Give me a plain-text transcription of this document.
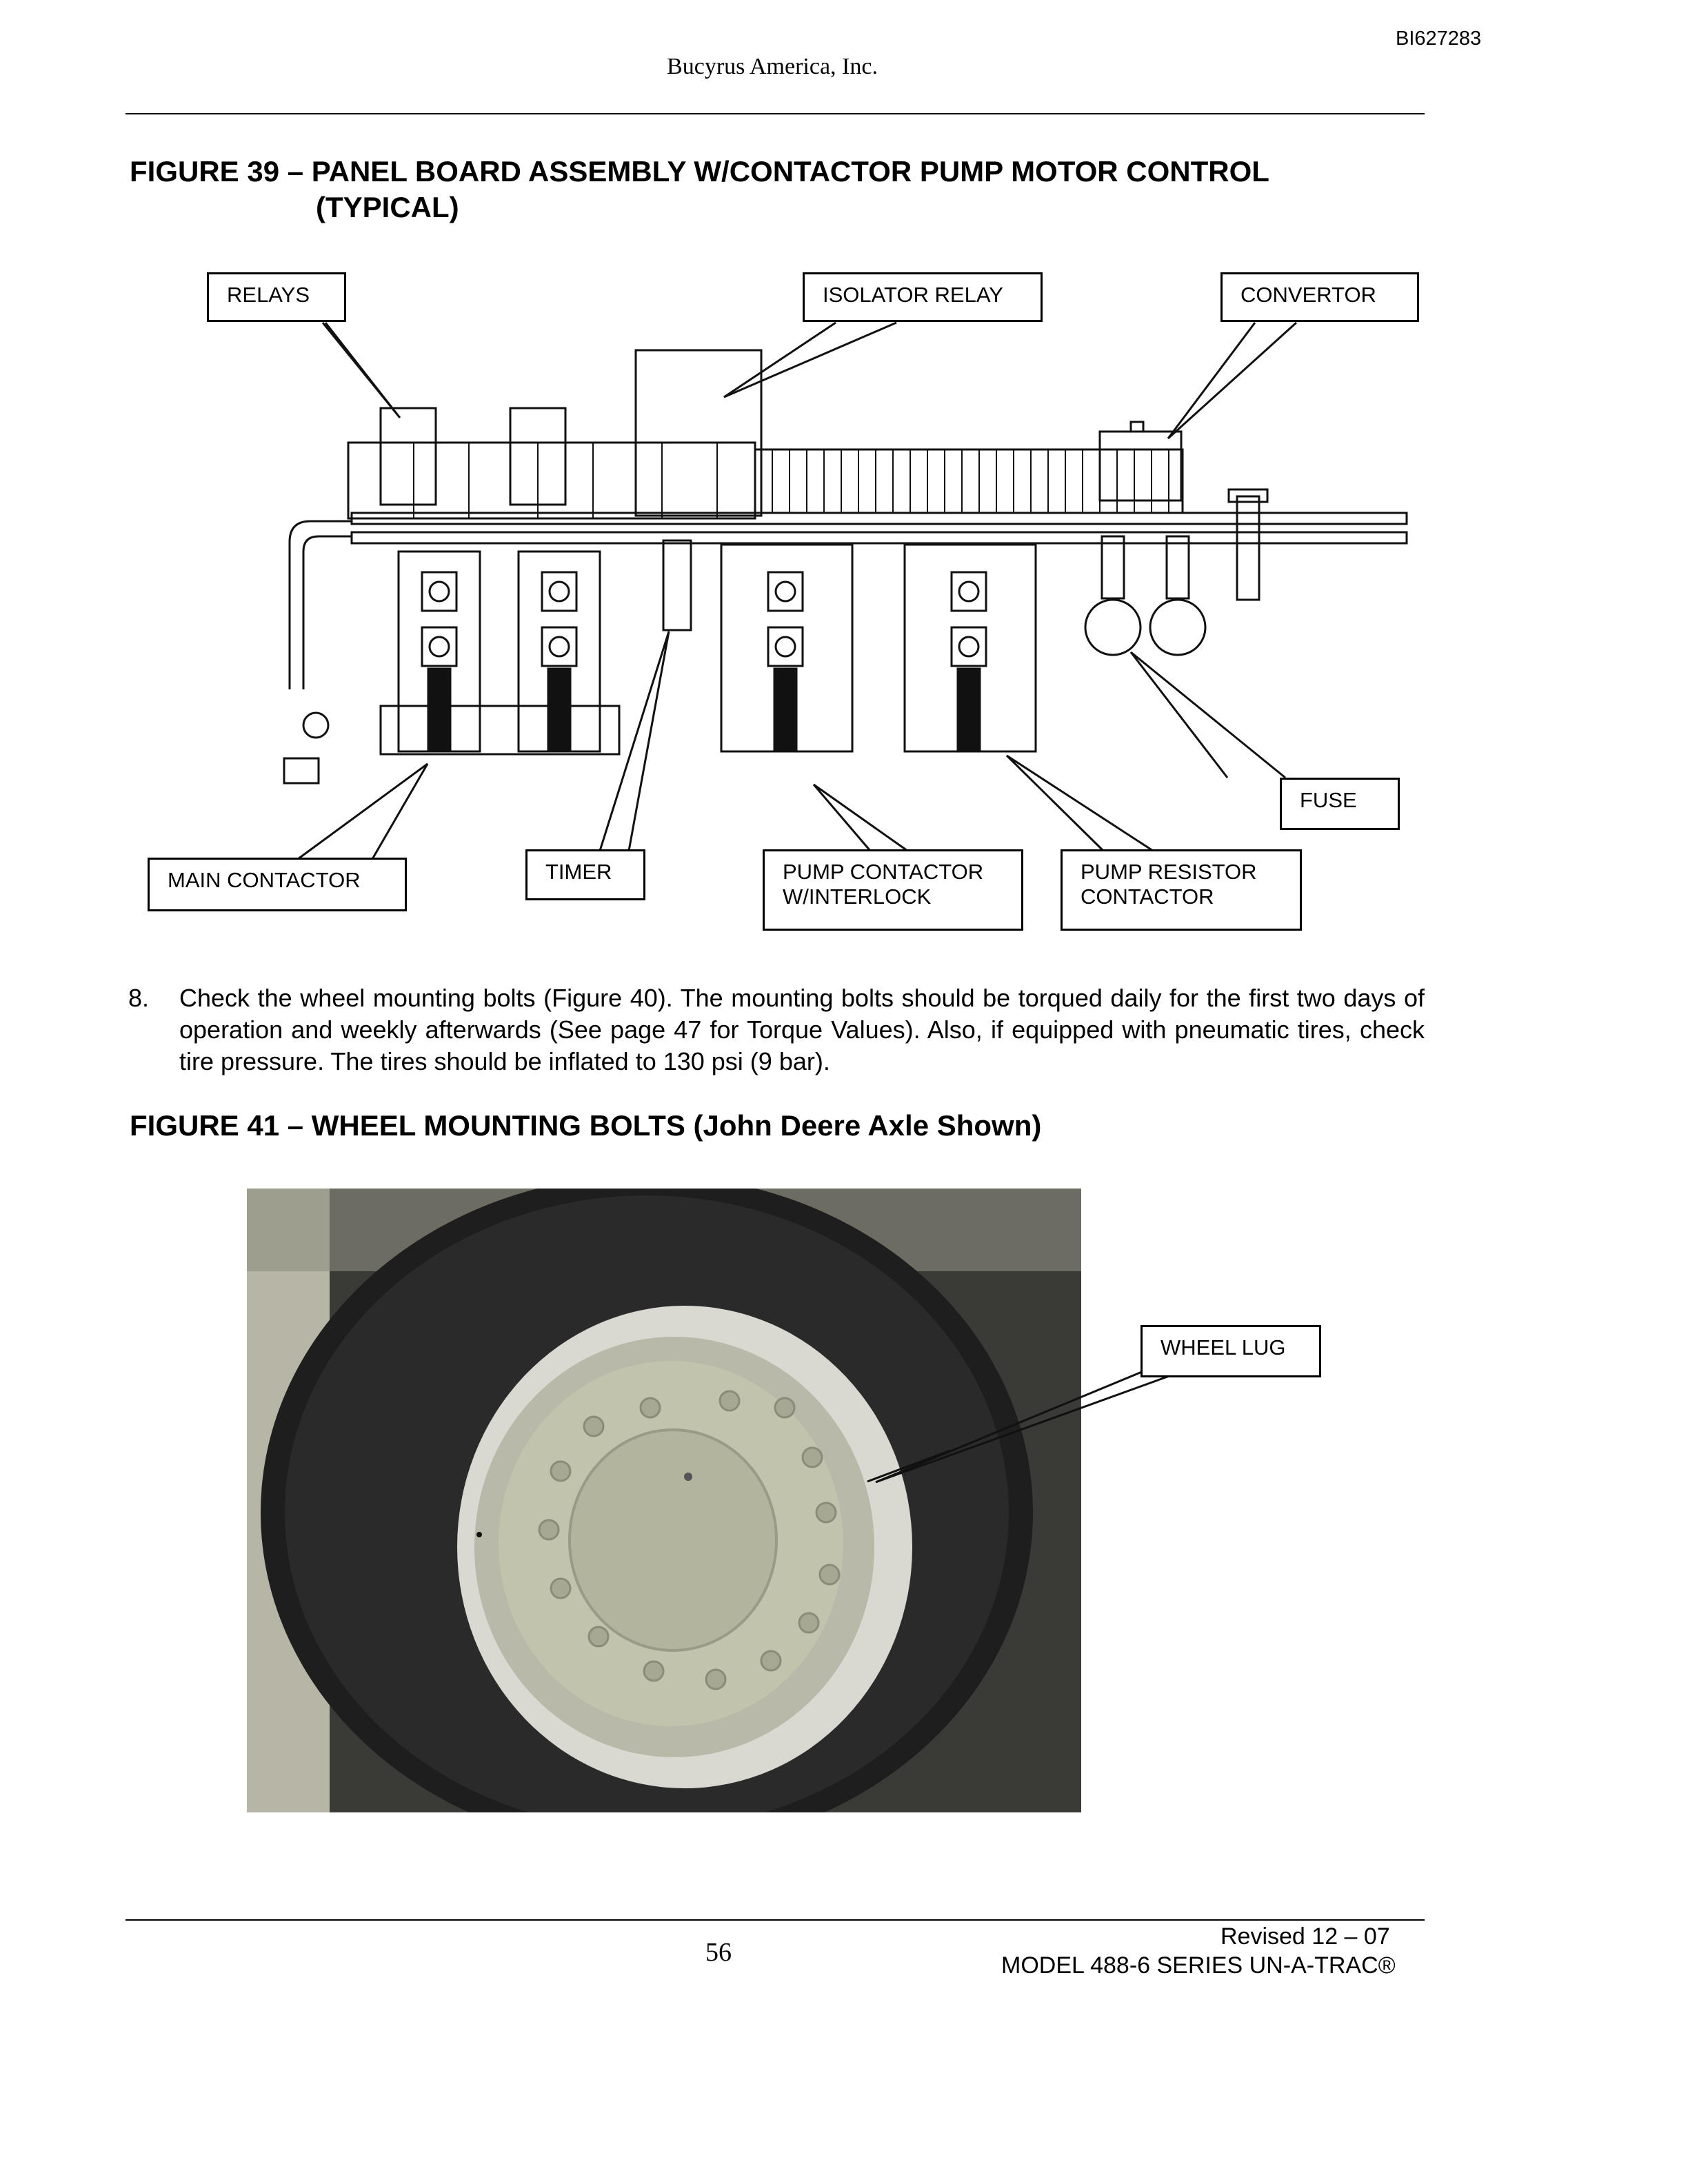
BI627283
Bucyrus America, Inc.
FIGURE 39 – PANEL BOARD ASSEMBLY W/CONTACTOR PUMP MOTOR CONTROL
(TYPICAL)
RELAYS	ISOLATOR RELAY	CONVERTOR
FUSE
MAIN CONTACTOR	TIMER	PUMP CONTACTOR
W/INTERLOCK
PUMP RESISTOR
CONTACTOR
8. Check the wheel mounting bolts (Figure 40). The mounting bolts should be torqued daily for the first two days of operation and weekly afterwards (See page 47 for Torque Values). Also, if equipped with pneumatic tires, check tire pressure. The tires should be inflated to 130 psi (9 bar).
FIGURE 41 – WHEEL MOUNTING BOLTS (John Deere Axle Shown)
WHEEL LUG
56
Revised 12 – 07
MODEL 488-6 SERIES UN-A-TRAC®
